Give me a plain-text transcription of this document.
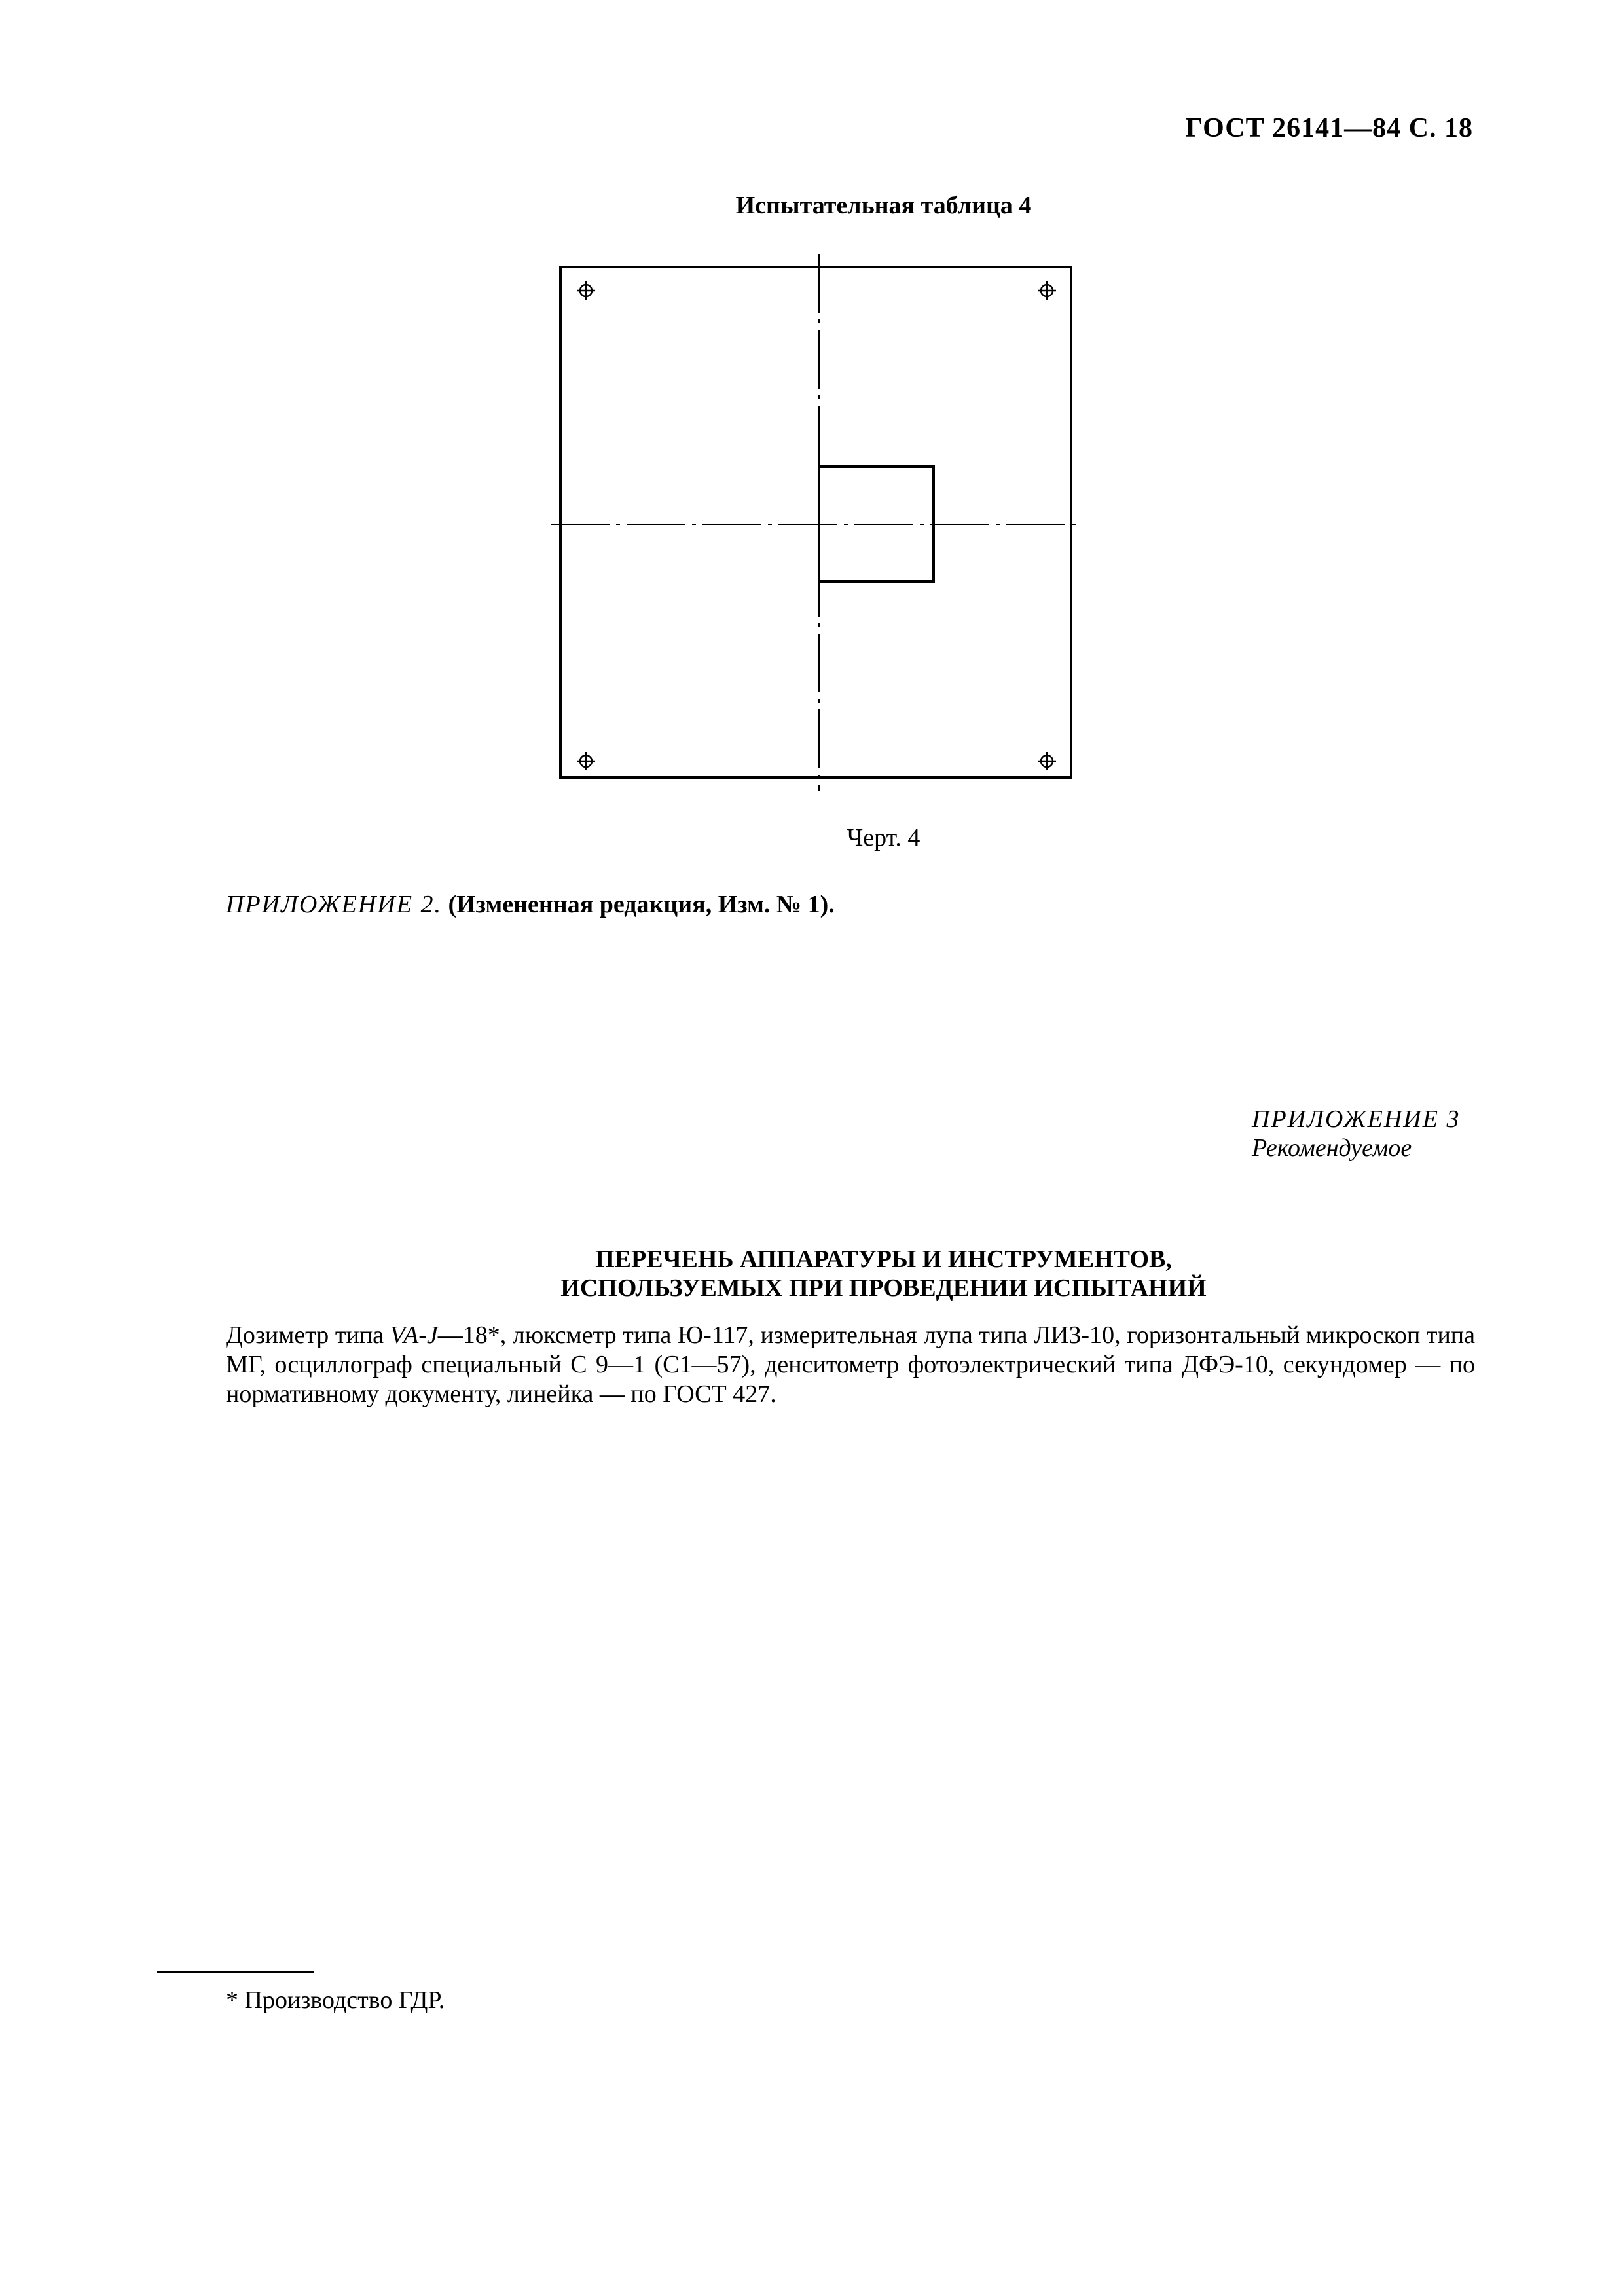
ГОСТ 26141—84 С. 18
Испытательная таблица 4
Черт. 4
ПРИЛОЖЕНИЕ 2. (Измененная редакция, Изм. № 1).
ПРИЛОЖЕНИЕ 3
Рекомендуемое
ПЕРЕЧЕНЬ АППАРАТУРЫ И ИНСТРУМЕНТОВ,
ИСПОЛЬЗУЕМЫХ ПРИ ПРОВЕДЕНИИ ИСПЫТАНИЙ
Дозиметр типа VA-J—18*, люксметр типа Ю-117, измерительная лупа типа ЛИЗ-10, горизонтальный микроскоп типа МГ, осциллограф специальный С 9—1 (С1—57), денситометр фотоэлектрический типа ДФЭ-10, секундомер — по нормативному документу, линейка — по ГОСТ 427.
* Производство ГДР.
